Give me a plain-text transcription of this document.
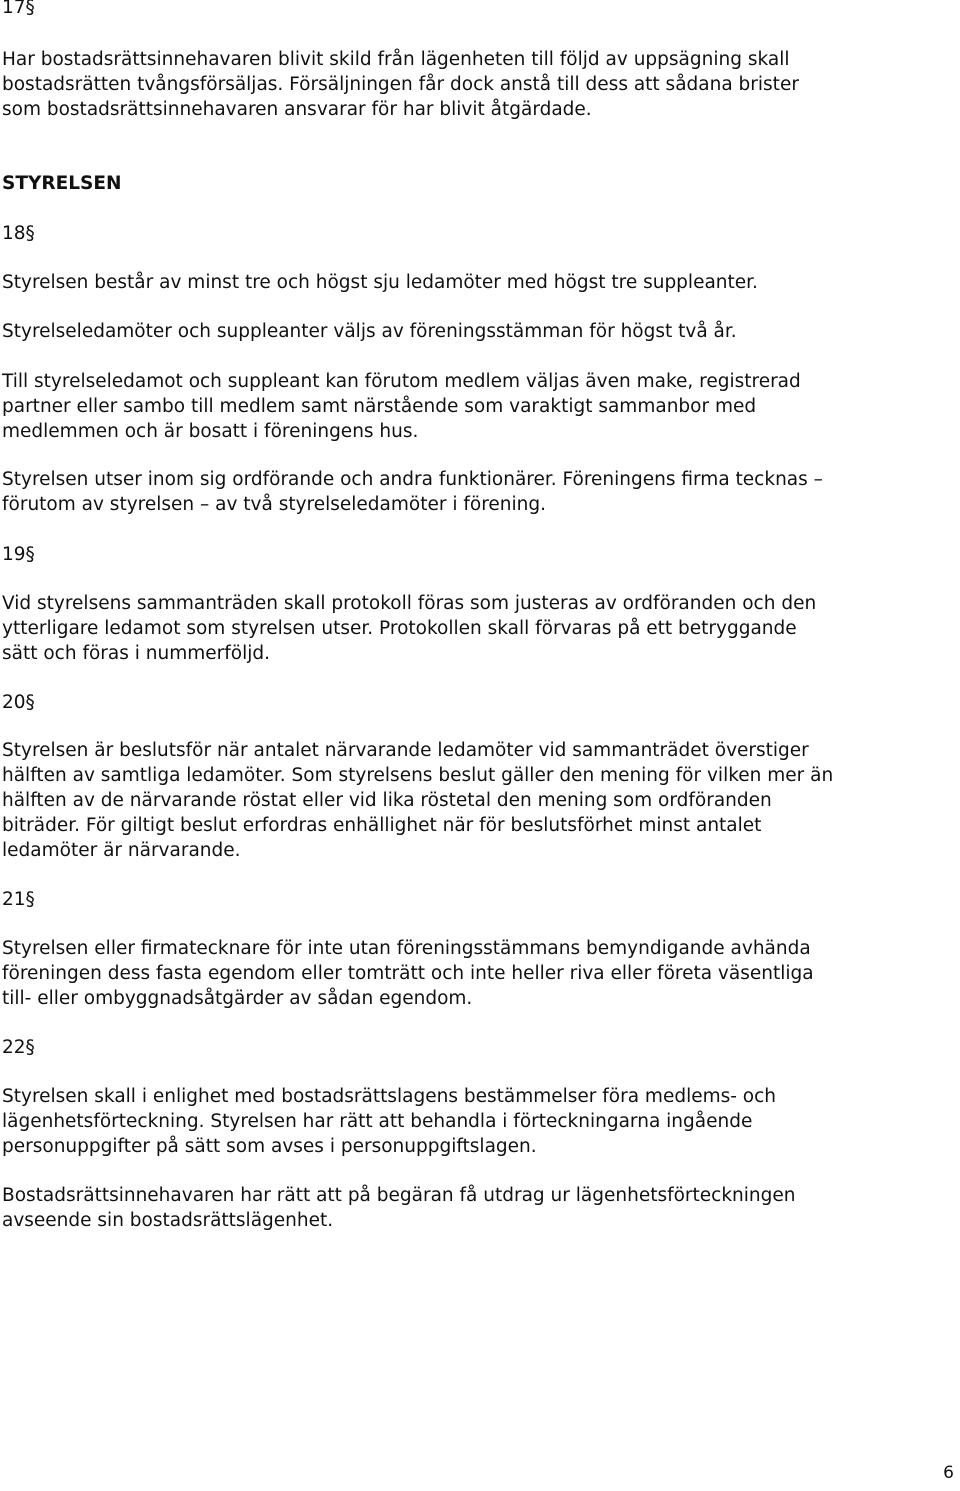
17§

Har bostadsrättsinnehavaren blivit skild från lägenheten till följd av uppsägning skall
bostadsrätten tvångsförsäljas. Försäljningen får dock anstå till dess att sådana brister
som bostadsrättsinnehavaren ansvarar för har blivit åtgärdade.

STYRELSEN

18§

Styrelsen består av minst tre och högst sju ledamöter med högst tre suppleanter.

Styrelseledamöter och suppleanter väljs av föreningsstämman för högst två år.

Till styrelseledamot och suppleant kan förutom medlem väljas även make, registrerad
partner eller sambo till medlem samt närstående som varaktigt sammanbor med
medlemmen och är bosatt i föreningens hus.

Styrelsen utser inom sig ordförande och andra funktionärer. Föreningens firma tecknas –
förutom av styrelsen – av två styrelseledamöter i förening.

19§

Vid styrelsens sammanträden skall protokoll föras som justeras av ordföranden och den
ytterligare ledamot som styrelsen utser. Protokollen skall förvaras på ett betryggande
sätt och föras i nummerföljd.

20§

Styrelsen är beslutsför när antalet närvarande ledamöter vid sammanträdet överstiger
hälften av samtliga ledamöter. Som styrelsens beslut gäller den mening för vilken mer än
hälften av de närvarande röstat eller vid lika röstetal den mening som ordföranden
biträder. För giltigt beslut erfordras enhällighet när för beslutsförhet minst antalet
ledamöter är närvarande.

21§

Styrelsen eller firmatecknare för inte utan föreningsstämmans bemyndigande avhända
föreningen dess fasta egendom eller tomträtt och inte heller riva eller företa väsentliga
till- eller ombyggnadsåtgärder av sådan egendom.

22§

Styrelsen skall i enlighet med bostadsrättslagens bestämmelser föra medlems- och
lägenhetsförteckning. Styrelsen har rätt att behandla i förteckningarna ingående
personuppgifter på sätt som avses i personuppgiftslagen.

Bostadsrättsinnehavaren har rätt att på begäran få utdrag ur lägenhetsförteckningen
avseende sin bostadsrättslägenhet.

6
